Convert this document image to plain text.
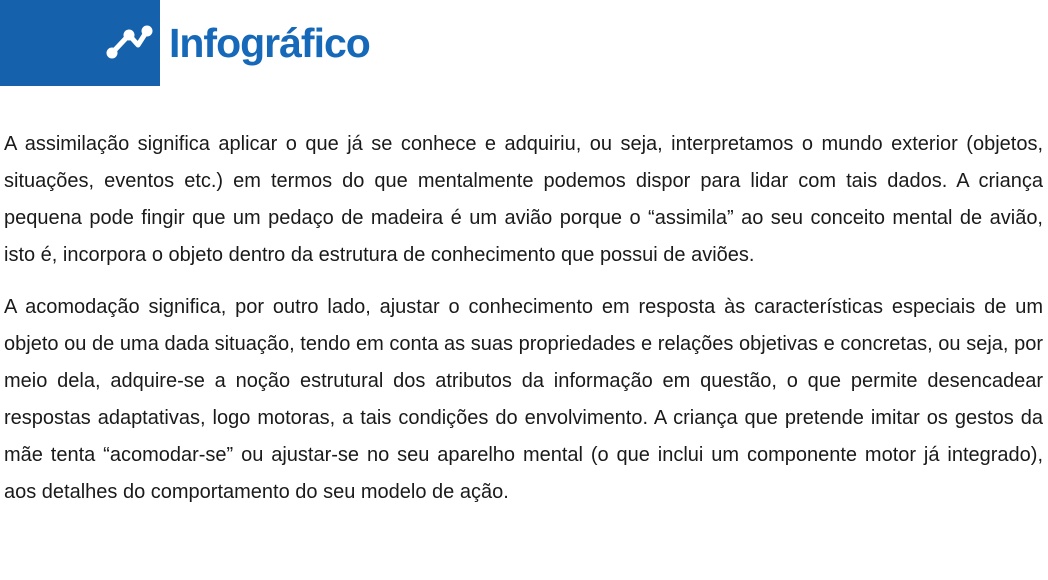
Infográfico

A assimilação significa aplicar o que já se conhece e adquiriu, ou seja, interpretamos o mundo exterior (objetos, situações, eventos etc.) em termos do que mentalmente podemos dispor para lidar com tais dados. A criança pequena pode fingir que um pedaço de madeira é um avião porque o “assimila” ao seu conceito mental de avião, isto é, incorpora o objeto dentro da estrutura de conhecimento que possui de aviões.

A acomodação significa, por outro lado, ajustar o conhecimento em resposta às características especiais de um objeto ou de uma dada situação, tendo em conta as suas propriedades e relações objetivas e concretas, ou seja, por meio dela, adquire-se a noção estrutural dos atributos da informação em questão, o que permite desencadear respostas adaptativas, logo motoras, a tais condições do envolvimento. A criança que pretende imitar os gestos da mãe tenta “acomodar-se” ou ajustar-se no seu aparelho mental (o que inclui um componente motor já integrado), aos detalhes do comportamento do seu modelo de ação.
